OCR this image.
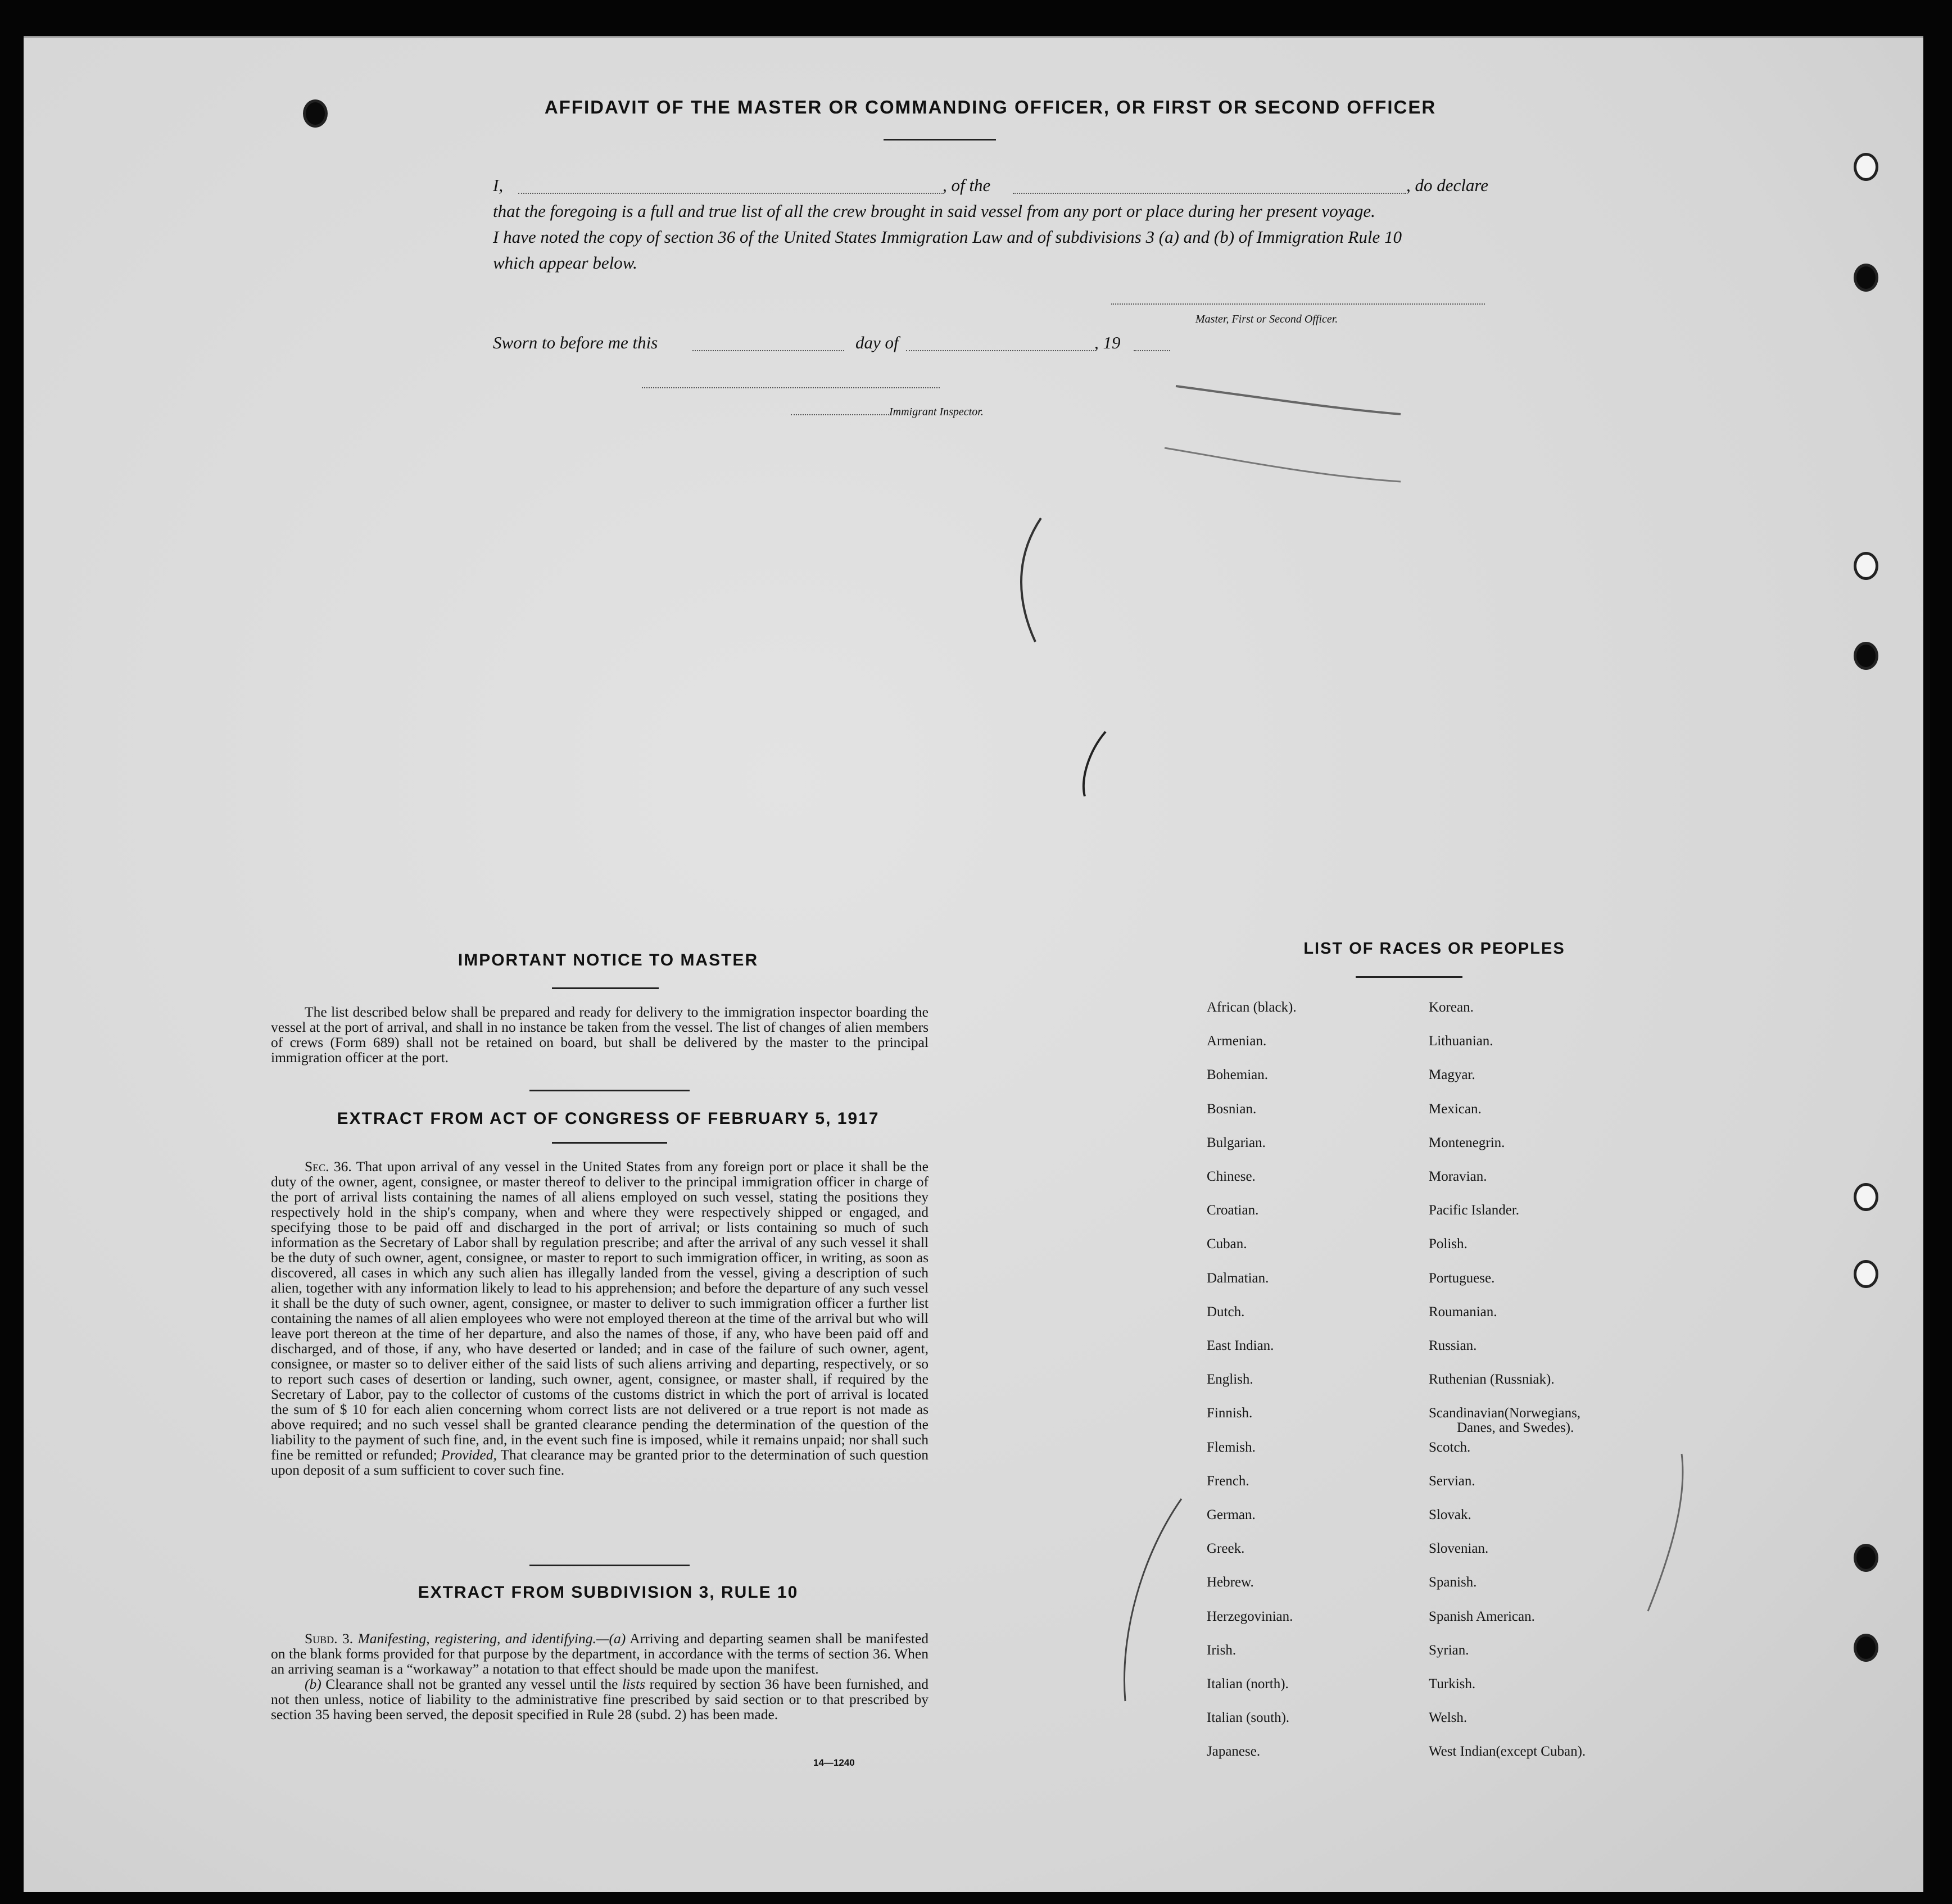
AFFIDAVIT OF THE MASTER OR COMMANDING OFFICER, OR FIRST OR SECOND OFFICER
I,	, of the	, do declare
that the foregoing is a full and true list of all the crew brought in said vessel from any port or place during her present voyage.
I have noted the copy of section 36 of the United States Immigration Law and of subdivisions 3 (a) and (b) of Immigration Rule 10
which appear below.
Master, First or Second Officer.
Sworn to before me this	day of	, 19
Immigrant Inspector.
IMPORTANT NOTICE TO MASTER
The list described below shall be prepared and ready for delivery to the immigration inspector boarding the vessel at the port of arrival, and shall in no instance be taken from the vessel. The list of changes of alien members of crews (Form 689) shall not be retained on board, but shall be delivered by the master to the principal immigration officer at the port.
EXTRACT FROM ACT OF CONGRESS OF FEBRUARY 5, 1917
Sec. 36. That upon arrival of any vessel in the United States from any foreign port or place it shall be the duty of the owner, agent, consignee, or master thereof to deliver to the principal immigration officer in charge of the port of arrival lists containing the names of all aliens employed on such vessel, stating the positions they respectively hold in the ship's company, when and where they were respectively shipped or engaged, and specifying those to be paid off and discharged in the port of arrival; or lists containing so much of such information as the Secretary of Labor shall by regulation prescribe; and after the arrival of any such vessel it shall be the duty of such owner, agent, consignee, or master to report to such immigration officer, in writing, as soon as discovered, all cases in which any such alien has illegally landed from the vessel, giving a description of such alien, together with any information likely to lead to his apprehension; and before the departure of any such vessel it shall be the duty of such owner, agent, consignee, or master to deliver to such immigration officer a further list containing the names of all alien employees who were not employed thereon at the time of the arrival but who will leave port thereon at the time of her departure, and also the names of those, if any, who have been paid off and discharged, and of those, if any, who have deserted or landed; and in case of the failure of such owner, agent, consignee, or master so to deliver either of the said lists of such aliens arriving and departing, respectively, or so to report such cases of desertion or landing, such owner, agent, consignee, or master shall, if required by the Secretary of Labor, pay to the collector of customs of the customs district in which the port of arrival is located the sum of $ 10 for each alien concerning whom correct lists are not delivered or a true report is not made as above required; and no such vessel shall be granted clearance pending the determination of the question of the liability to the payment of such fine, and, in the event such fine is imposed, while it remains unpaid; nor shall such fine be remitted or refunded; Provided, That clearance may be granted prior to the determination of such question upon deposit of a sum sufficient to cover such fine.
EXTRACT FROM SUBDIVISION 3, RULE 10
Subd. 3. Manifesting, registering, and identifying.—(a) Arriving and departing seamen shall be manifested on the blank forms provided for that purpose by the department, in accordance with the terms of section 36. When an arriving seaman is a “workaway” a notation to that effect should be made upon the manifest.
(b) Clearance shall not be granted any vessel until the lists required by section 36 have been furnished, and not then unless, notice of liability to the administrative fine prescribed by said section or to that prescribed by section 35 having been served, the deposit specified in Rule 28 (subd. 2) has been made.
14—1240
LIST OF RACES OR PEOPLES
African (black).
Armenian.
Bohemian.
Bosnian.
Bulgarian.
Chinese.
Croatian.
Cuban.
Dalmatian.
Dutch.
East Indian.
English.
Finnish.
Flemish.
French.
German.
Greek.
Hebrew.
Herzegovinian.
Irish.
Italian (north).
Italian (south).
Japanese.
Korean.
Lithuanian.
Magyar.
Mexican.
Montenegrin.
Moravian.
Pacific Islander.
Polish.
Portuguese.
Roumanian.
Russian.
Ruthenian (Russniak).
Scandinavian(Norwegians,
Danes, and Swedes).
Scotch.
Servian.
Slovak.
Slovenian.
Spanish.
Spanish American.
Syrian.
Turkish.
Welsh.
West Indian(except Cuban).
